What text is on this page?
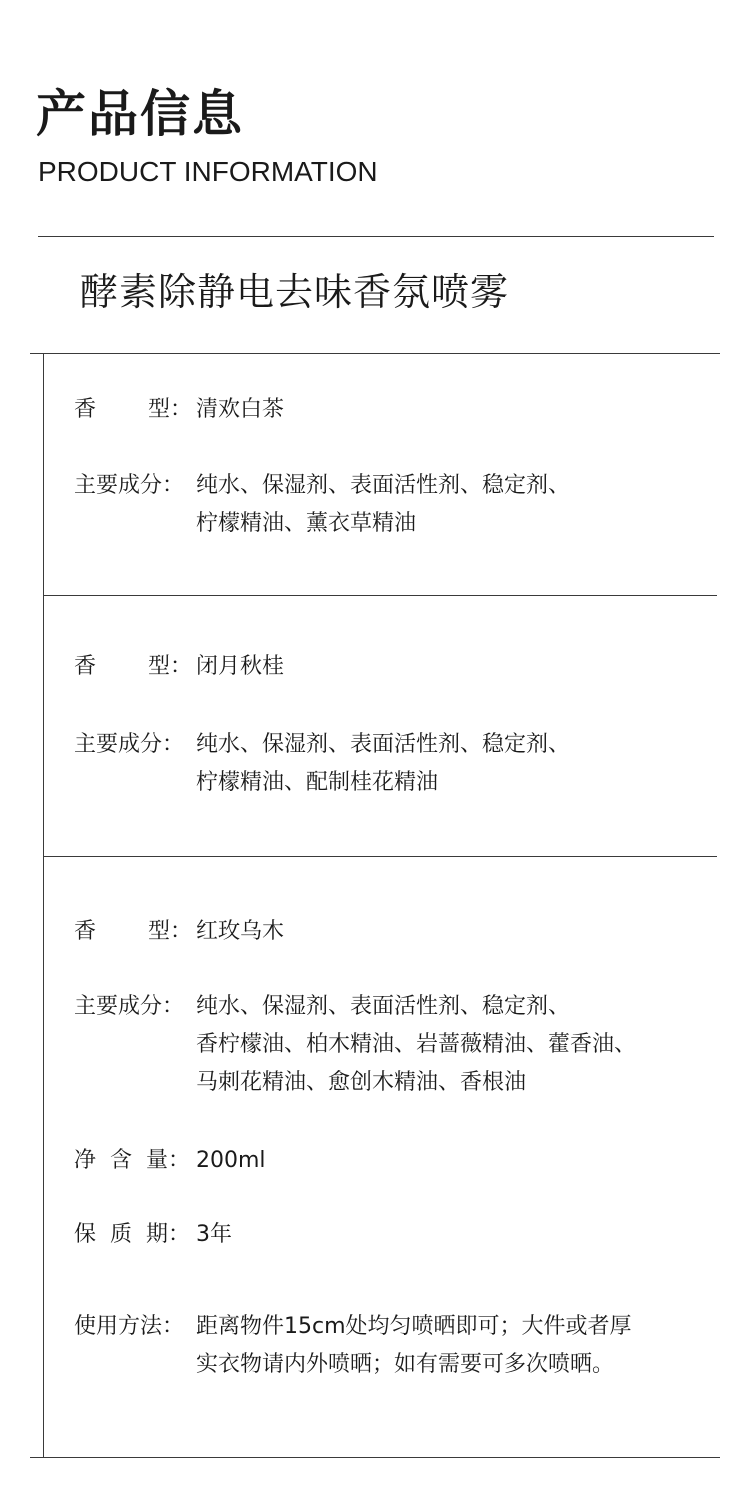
产品信息
PRODUCT INFORMATION
酵素除静电去味香氛喷雾
香 型： 清欢白茶
主要成分： 纯水、保湿剂、表面活性剂、稳定剂、
柠檬精油、薰衣草精油
香 型： 闭月秋桂
主要成分： 纯水、保湿剂、表面活性剂、稳定剂、
柠檬精油、配制桂花精油
香 型： 红玫乌木
主要成分： 纯水、保湿剂、表面活性剂、稳定剂、
香柠檬油、柏木精油、岩蔷薇精油、藿香油、
马刺花精油、愈创木精油、香根油
净 含 量： 200ml
保 质 期： 3年
使用方法： 距离物件15cm处均匀喷晒即可；大件或者厚
实衣物请内外喷晒；如有需要可多次喷晒。
